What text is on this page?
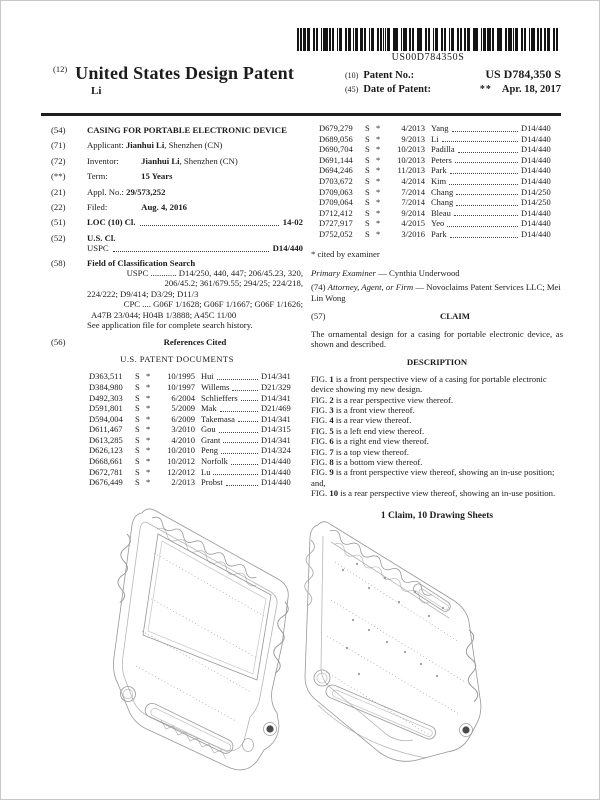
US00D784350S
$^{(12)}$ United States Design Patent
Li
(10) Patent No.:	US D784,350 S
(45) Date of Patent:	** Apr. 18, 2017
(54)	CASING FOR PORTABLE ELECTRONIC DEVICE
(71)	Applicant: Jianhui Li, Shenzhen (CN)
(72)	Inventor:	Jianhui Li, Shenzhen (CN)
(**)	Term:	15 Years
(21)	Appl. No.: 29/573,252
(22)	Filed:	Aug. 4, 2016
(51)	LOC (10) Cl.	14-02
(52)	U.S. Cl.
USPC	D14/440
(58)	Field of Classification Search
USPC ............ D14/250, 440, 447; 206/45.23, 320,
206/45.2; 361/679.55; 294/25; 224/218,
224/222; D9/414; D3/29; D11/3
CPC .... G06F 1/1628; G06F 1/1667; G06F 1/1626;
A47B 23/044; H04B 1/3888; A45C 11/00
See application file for complete search history.
(56)	References Cited
U.S. PATENT DOCUMENTS
D363,511	S *	10/1995 Hui	D14/341
D384,980	S *	10/1997 Willems	D21/329
D492,303	S *	6/2004 Schlieffers	D14/341
D591,801	S *	5/2009 Mak	D21/469
D594,004	S *	6/2009 Takemasa	D14/341
D611,467	S *	3/2010 Gou	D14/315
D613,285	S *	4/2010 Grant	D14/341
D626,123	S *	10/2010 Peng	D14/324
D668,661	S *	10/2012 Norfolk	D14/440
D672,781	S *	12/2012 Lu	D14/440
D676,449	S *	2/2013 Probst	D14/440
D679,279	S *	4/2013 Yang	D14/440
D689,056	S *	9/2013 Li	D14/440
D690,704	S *	10/2013 Padilla	D14/440
D691,144	S *	10/2013 Peters	D14/440
D694,246	S *	11/2013 Park	D14/440
D703,672	S *	4/2014 Kim	D14/440
D709,063	S *	7/2014 Chang	D14/250
D709,064	S *	7/2014 Chang	D14/250
D712,412	S *	9/2014 Bleau	D14/440
D727,917	S *	4/2015 Yeo	D14/440
D752,052	S *	3/2016 Park	D14/440

* cited by examiner

Primary Examiner — Cynthia Underwood

(74) Attorney, Agent, or Firm — Novoclaims Patent Services LLC; Mei Lin Wong

(57)	CLAIM

The ornamental design for a casing for portable electronic device, as shown and described.

DESCRIPTION

FIG. 1 is a front perspective view of a casing for portable electronic device showing my new design.

FIG. 2 is a rear perspective view thereof.

FIG. 3 is a front view thereof.

FIG. 4 is a rear view thereof.

FIG. 5 is a left end view thereof.

FIG. 6 is a right end view thereof.

FIG. 7 is a top view thereof.

FIG. 8 is a bottom view thereof.

FIG. 9 is a front perspective view thereof, showing an in-use position; and,

FIG. 10 is a rear perspective view thereof, showing an in-use position.

1 Claim, 10 Drawing Sheets
